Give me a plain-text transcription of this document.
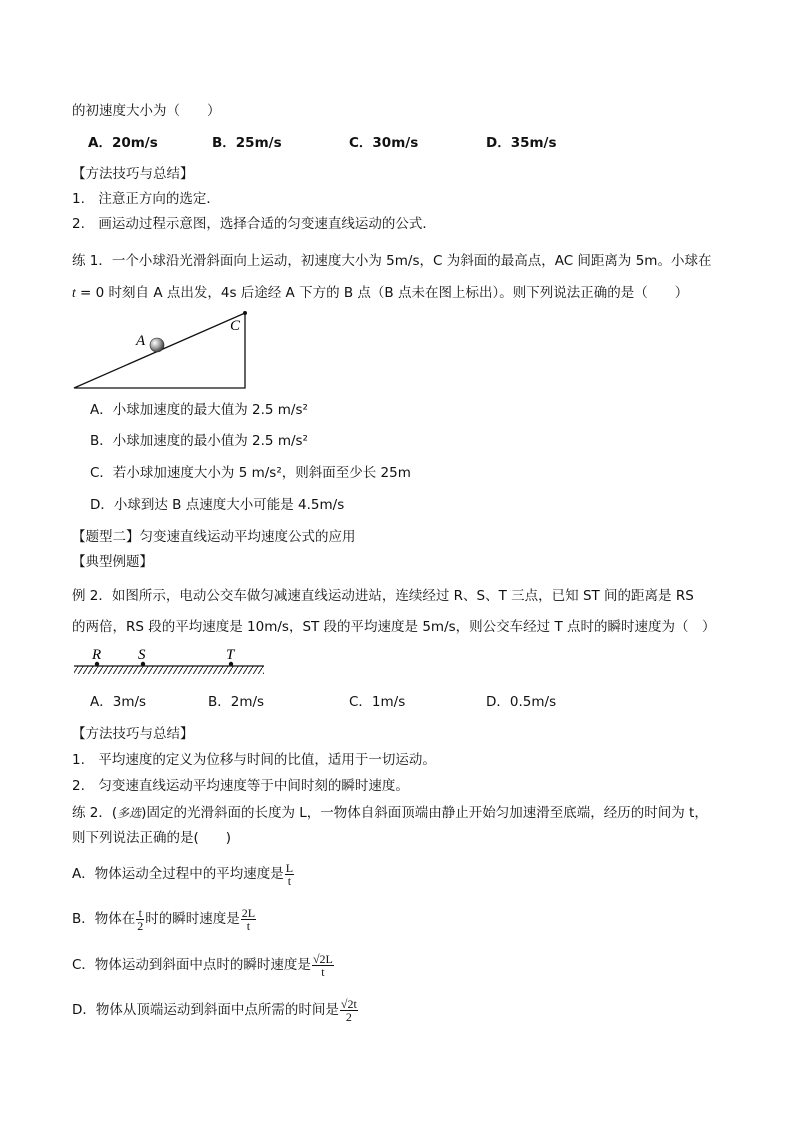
的初速度大小为（　　）
A．20m/s	B．25m/s	C．30m/s	D．35m/s
【方法技巧与总结】
1.　注意正方向的选定．
2.　画运动过程示意图，选择合适的匀变速直线运动的公式．
练 1．一个小球沿光滑斜面向上运动，初速度大小为 5m/s，C 为斜面的最高点，AC 间距离为 5m。小球在
t = 0 时刻自 A 点出发，4s 后途经 A 下方的 B 点（B 点未在图上标出）。则下列说法正确的是（　　）
A
C
A．小球加速度的最大值为 2.5 m/s²
B．小球加速度的最小值为 2.5 m/s²
C．若小球加速度大小为 5 m/s²，则斜面至少长 25m
D．小球到达 B 点速度大小可能是 4.5m/s
【题型二】匀变速直线运动平均速度公式的应用
【典型例题】
例 2．如图所示，电动公交车做匀减速直线运动进站，连续经过 R、S、T 三点，已知 ST 间的距离是 RS
的两倍，RS 段的平均速度是 10m/s，ST 段的平均速度是 5m/s，则公交车经过 T 点时的瞬时速度为（　）
R S	T
A．3m/s	B．2m/s	C．1m/s	D．0.5m/s
【方法技巧与总结】
1.　平均速度的定义为位移与时间的比值，适用于一切运动。
2.　匀变速直线运动平均速度等于中间时刻的瞬时速度。
练 2．(多选)固定的光滑斜面的长度为 L，一物体自斜面顶端由静止开始匀加速滑至底端，经历的时间为 t，
则下列说法正确的是(　　)
A．物体运动全过程中的平均速度是 $\frac{L}{t}$
B．物体在 $\frac{t}{2}$ 时的瞬时速度是 $\frac{2L}{t}$
C．物体运动到斜面中点时的瞬时速度是 $\frac{√2L}{t}$
D．物体从顶端运动到斜面中点所需的时间是 $\frac{√2t}{2}$
